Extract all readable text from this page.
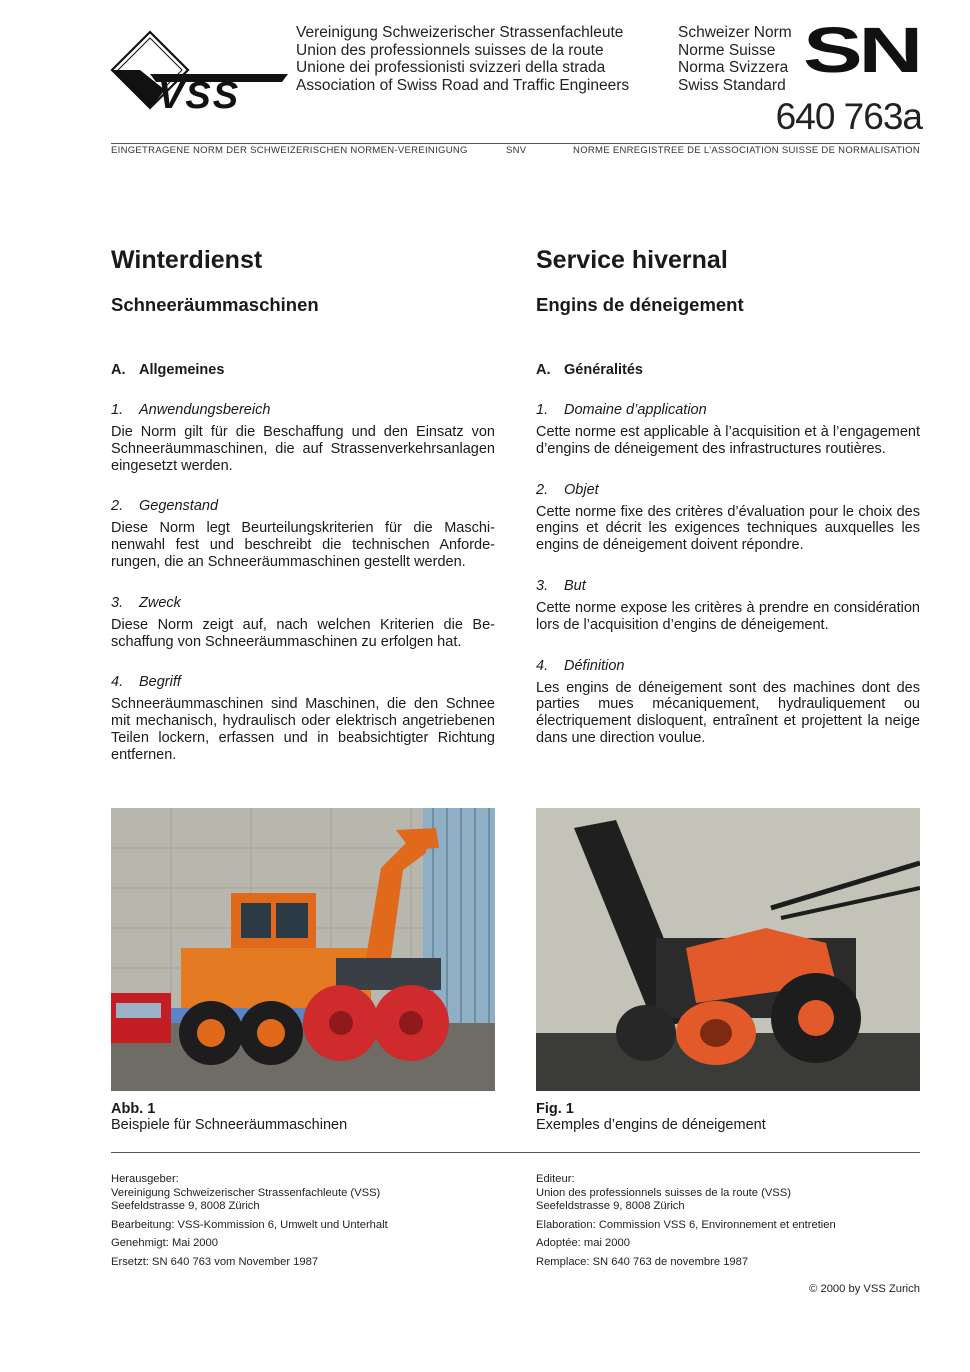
VSS
Vereinigung Schweizerischer Strassenfachleute
Union des professionnels suisses de la route
Unione dei professionisti svizzeri della strada
Association of Swiss Road and Traffic Engineers
Schweizer Norm
Norme Suisse
Norma Svizzera
Swiss Standard SN
640 763a
EINGETRAGENE NORM DER SCHWEIZERISCHEN NORMEN-VEREINIGUNG	SNV	NORME ENREGISTREE DE L’ASSOCIATION SUISSE DE NORMALISATION
Winterdienst
Schneeräummaschinen
A. Allgemeines
1. Anwendungsbereich
Die Norm gilt für die Beschaffung und den Einsatz von Schneeräummaschinen, die auf Strassenverkehrsanlagen eingesetzt werden.
2. Gegenstand
Diese Norm legt Beurteilungskriterien für die Maschinenwahl fest und beschreibt die technischen Anforderungen, die an Schneeräummaschinen gestellt werden.
3. Zweck
Diese Norm zeigt auf, nach welchen Kriterien die Beschaffung von Schneeräummaschinen zu erfolgen hat.
4. Begriff
Schneeräummaschinen sind Maschinen, die den Schnee mit mechanisch, hydraulisch oder elektrisch angetriebenen Teilen lockern, erfassen und in beabsichtigter Richtung entfernen.
Service hivernal
Engins de déneigement
A. Généralités
1. Domaine d’application
Cette norme est applicable à l’acquisition et à l’engagement d’engins de déneigement des infrastructures routières.
2. Objet
Cette norme fixe des critères d’évaluation pour le choix des engins et décrit les exigences techniques auxquelles les engins de déneigement doivent répondre.
3. But
Cette norme expose les critères à prendre en considération lors de l’acquisition d’engins de déneigement.
4. Définition
Les engins de déneigement sont des machines dont des parties mues mécaniquement, hydrauliquement ou électriquement disloquent, entraînent et projettent la neige dans une direction voulue.
Abb. 1
Beispiele für Schneeräummaschinen
Fig. 1
Exemples d’engins de déneigement
Herausgeber:
Vereinigung Schweizerischer Strassenfachleute (VSS)
Seefeldstrasse 9, 8008 Zürich
Bearbeitung: VSS-Kommission 6, Umwelt und Unterhalt
Genehmigt: Mai 2000
Ersetzt: SN 640 763 vom November 1987
Editeur:
Union des professionnels suisses de la route (VSS)
Seefeldstrasse 9, 8008 Zürich
Elaboration: Commission VSS 6, Environnement et entretien
Adoptée: mai 2000
Remplace: SN 640 763 de novembre 1987
© 2000 by VSS Zurich
